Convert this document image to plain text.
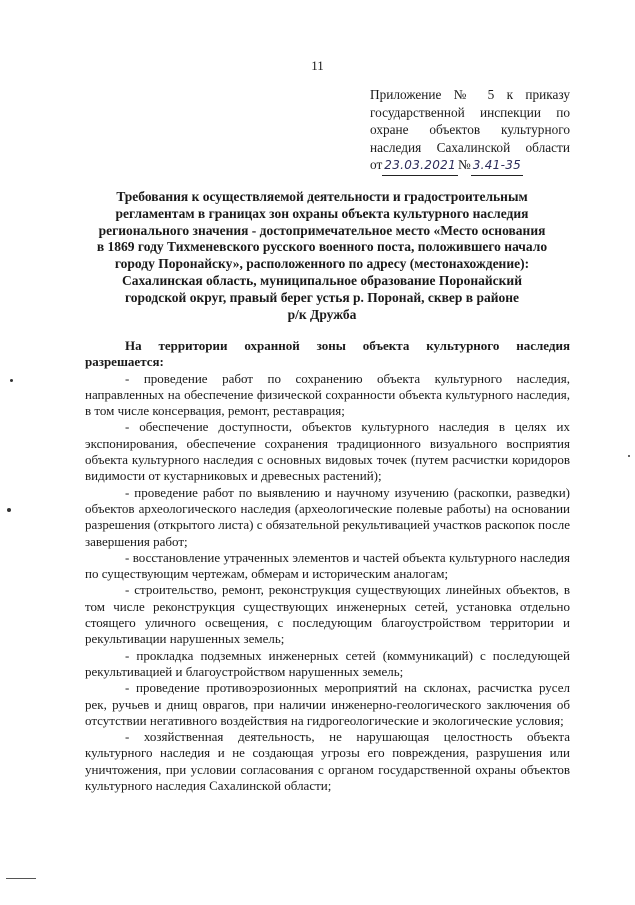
11
Приложение № 5 к приказу
государственной инспекции по
охране объектов культурного
наследия Сахалинской области
от 23.03.2021 № 3.41-35
Требования к осуществляемой деятельности и градостроительным
регламентам в границах зон охраны объекта культурного наследия
регионального значения - достопримечательное место «Место основания
в 1869 году Тихменевского русского военного поста, положившего начало
городу Поронайску», расположенного по адресу (местонахождение):
Сахалинская область, муниципальное образование Поронайский
городской округ, правый берег устья р. Поронай, сквер в районе
р/к Дружба

На территории охранной зоны объекта культурного наследия разрешается:

- проведение работ по сохранению объекта культурного наследия, направленных на обеспечение физической сохранности объекта культурного наследия, в том числе консервация, ремонт, реставрация;

- обеспечение доступности, объектов культурного наследия в целях их экспонирования, обеспечение сохранения традиционного визуального восприятия объекта культурного наследия с основных видовых точек (путем расчистки коридоров видимости от кустарниковых и древесных растений);

- проведение работ по выявлению и научному изучению (раскопки, разведки) объектов археологического наследия (археологические полевые работы) на основании разрешения (открытого листа) с обязательной рекультивацией участков раскопок после завершения работ;

- восстановление утраченных элементов и частей объекта культурного наследия по существующим чертежам, обмерам и историческим аналогам;

- строительство, ремонт, реконструкция существующих линейных объектов, в том числе реконструкция существующих инженерных сетей, установка отдельно стоящего уличного освещения, с последующим благоустройством территории и рекультивации нарушенных земель;

- прокладка подземных инженерных сетей (коммуникаций) с последующей рекультивацией и благоустройством нарушенных земель;

- проведение противоэрозионных мероприятий на склонах, расчистка русел рек, ручьев и днищ оврагов, при наличии инженерно-геологического заключения об отсутствии негативного воздействия на гидрогеологические и экологические условия;

- хозяйственная деятельность, не нарушающая целостность объекта культурного наследия и не создающая угрозы его повреждения, разрушения или уничтожения, при условии согласования с органом государственной охраны объектов культурного наследия Сахалинской области;
